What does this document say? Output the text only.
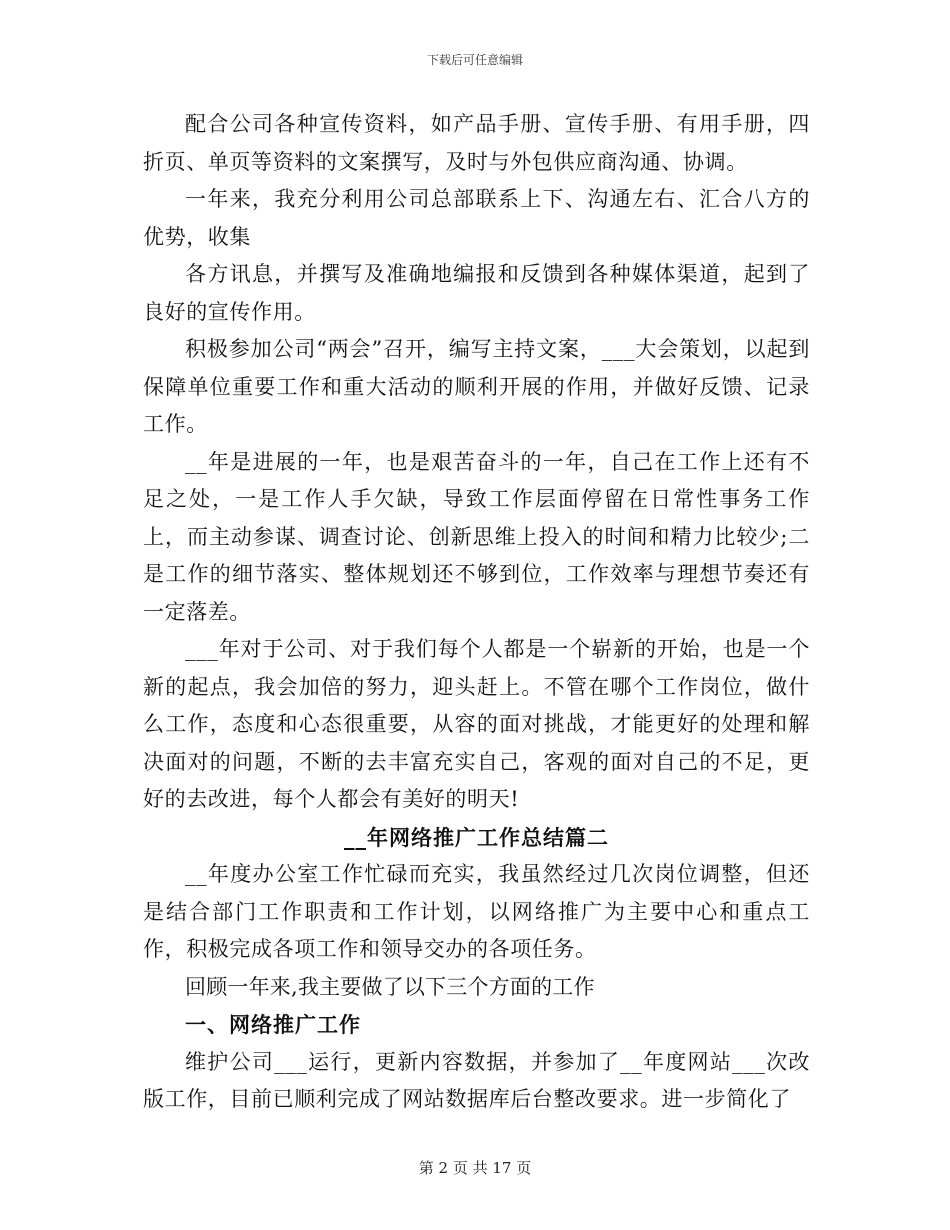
下载后可任意编辑

配合公司各种宣传资料，如产品手册、宣传手册、有用手册，四折页、单页等资料的文案撰写，及时与外包供应商沟通、协调。

一年来，我充分利用公司总部联系上下、沟通左右、汇合八方的优势，收集

各方讯息，并撰写及准确地编报和反馈到各种媒体渠道，起到了良好的宣传作用。

积极参加公司“两会”召开，编写主持文案，___大会策划，以起到保障单位重要工作和重大活动的顺利开展的作用，并做好反馈、记录工作。

__年是进展的一年，也是艰苦奋斗的一年，自己在工作上还有不足之处，一是工作人手欠缺，导致工作层面停留在日常性事务工作上，而主动参谋、调查讨论、创新思维上投入的时间和精力比较少;二是工作的细节落实、整体规划还不够到位，工作效率与理想节奏还有一定落差。

___年对于公司、对于我们每个人都是一个崭新的开始，也是一个新的起点，我会加倍的努力，迎头赶上。不管在哪个工作岗位，做什么工作，态度和心态很重要，从容的面对挑战，才能更好的处理和解决面对的问题，不断的去丰富充实自己，客观的面对自己的不足，更好的去改进，每个人都会有美好的明天!

__年网络推广工作总结篇二

__年度办公室工作忙碌而充实，我虽然经过几次岗位调整，但还是结合部门工作职责和工作计划，以网络推广为主要中心和重点工作，积极完成各项工作和领导交办的各项任务。

回顾一年来,我主要做了以下三个方面的工作

一、网络推广工作

维护公司___运行，更新内容数据，并参加了__年度网站___次改版工作，目前已顺利完成了网站数据库后台整改要求。进一步简化了

第 2 页 共 17 页
